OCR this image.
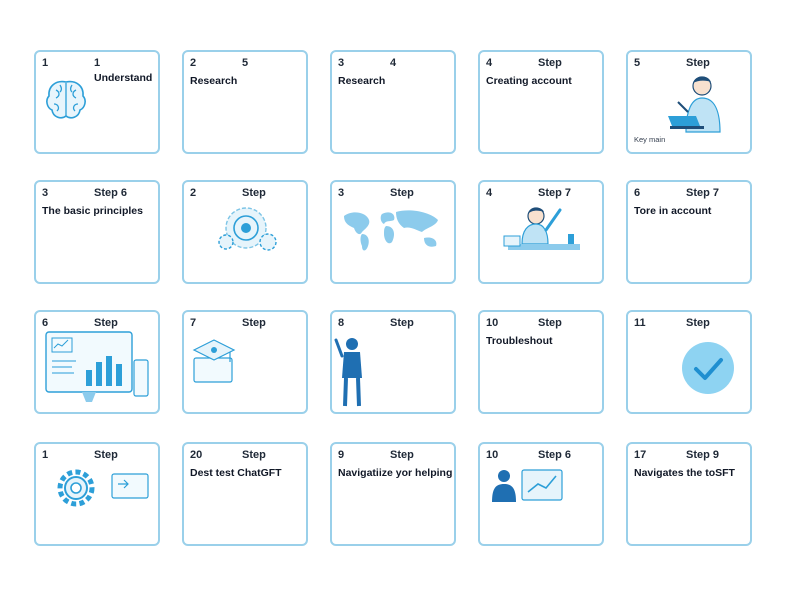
1	1
Understand
2	5
Research
3	4
Research
4	Step
Creating account
5	Step
Key main
3	Step 6
The basic principles
2	Step	3	Step	4	Step 7	6	Step 7
Tore in account
6	Step	7	Step	8	Step	10	Step
Troubleshout
11	Step
1	Step	20	Step
Dest test ChatGFT
9	Step
Navigatiize yor helping
10	Step 6	17	Step 9
Navigates the toSFT
